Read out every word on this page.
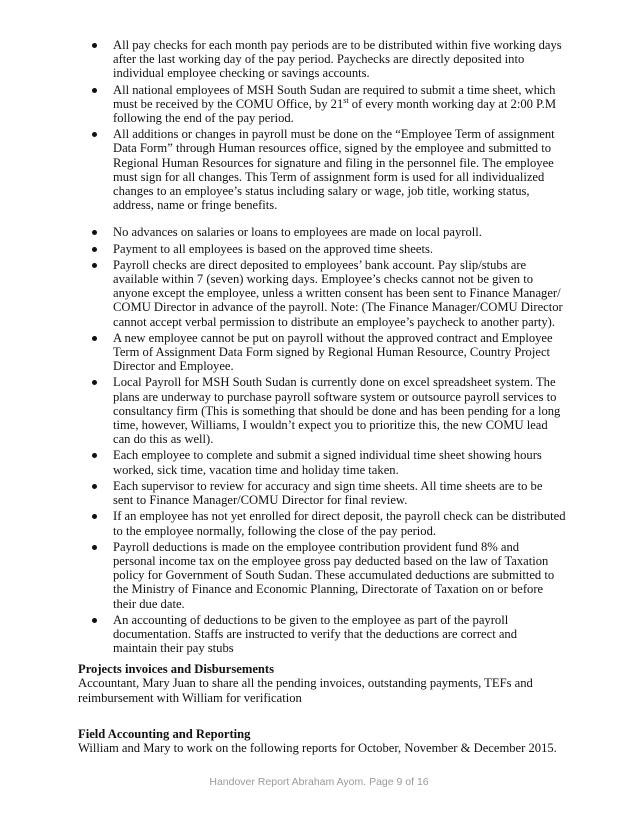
All pay checks for each month pay periods are to be distributed within five working days
after the last working day of the pay period. Paychecks are directly deposited into
individual employee checking or savings accounts.
All national employees of MSH South Sudan are required to submit a time sheet, which
must be received by the COMU Office, by 21st of every month working day at 2:00 P.M
following the end of the pay period.
All additions or changes in payroll must be done on the “Employee Term of assignment
Data Form” through Human resources office, signed by the employee and submitted to
Regional Human Resources for signature and filing in the personnel file. The employee
must sign for all changes. This Term of assignment form is used for all individualized
changes to an employee’s status including salary or wage, job title, working status,
address, name or fringe benefits.
No advances on salaries or loans to employees are made on local payroll.
Payment to all employees is based on the approved time sheets.
Payroll checks are direct deposited to employees’ bank account. Pay slip/stubs are
available within 7 (seven) working days. Employee’s checks cannot not be given to
anyone except the employee, unless a written consent has been sent to Finance Manager/
COMU Director in advance of the payroll. Note: (The Finance Manager/COMU Director
cannot accept verbal permission to distribute an employee’s paycheck to another party).
A new employee cannot be put on payroll without the approved contract and Employee
Term of Assignment Data Form signed by Regional Human Resource, Country Project
Director and Employee.
Local Payroll for MSH South Sudan is currently done on excel spreadsheet system. The
plans are underway to purchase payroll software system or outsource payroll services to
consultancy firm (This is something that should be done and has been pending for a long
time, however, Williams, I wouldn’t expect you to prioritize this, the new COMU lead
can do this as well).
Each employee to complete and submit a signed individual time sheet showing hours
worked, sick time, vacation time and holiday time taken.
Each supervisor to review for accuracy and sign time sheets. All time sheets are to be
sent to Finance Manager/COMU Director for final review.
If an employee has not yet enrolled for direct deposit, the payroll check can be distributed
to the employee normally, following the close of the pay period.
Payroll deductions is made on the employee contribution provident fund 8% and
personal income tax on the employee gross pay deducted based on the law of Taxation
policy for Government of South Sudan. These accumulated deductions are submitted to
the Ministry of Finance and Economic Planning, Directorate of Taxation on or before
their due date.
An accounting of deductions to be given to the employee as part of the payroll
documentation. Staffs are instructed to verify that the deductions are correct and
maintain their pay stubs
Projects invoices and Disbursements

Accountant, Mary Juan to share all the pending invoices, outstanding payments, TEFs and
reimbursement with William for verification

Field Accounting and Reporting

William and Mary to work on the following reports for October, November & December 2015.

Handover Report Abraham Ayom. Page 9 of 16
